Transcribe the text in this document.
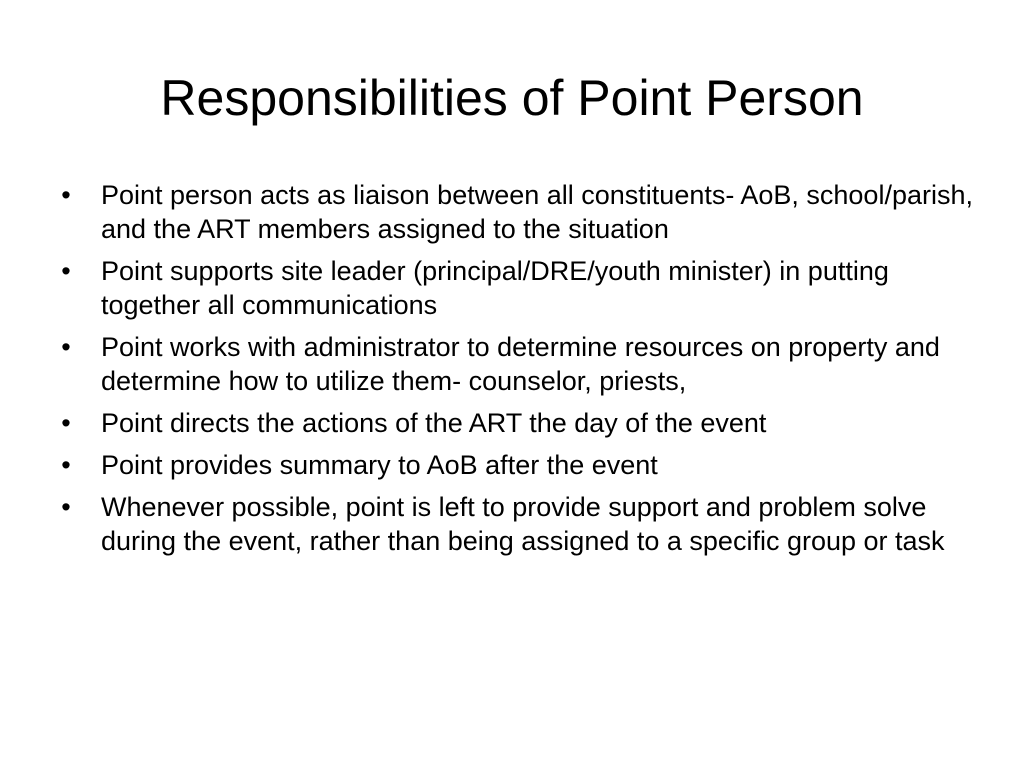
Responsibilities of Point Person
• Point person acts as liaison between all constituents- AoB, school/parish, and the ART members assigned to the situation
• Point supports site leader (principal/DRE/youth minister) in putting together all communications
• Point works with administrator to determine resources on property and determine how to utilize them- counselor, priests,
• Point directs the actions of the ART the day of the event
• Point provides summary to AoB after the event
• Whenever possible, point is left to provide support and problem solve during the event, rather than being assigned to a specific group or task
